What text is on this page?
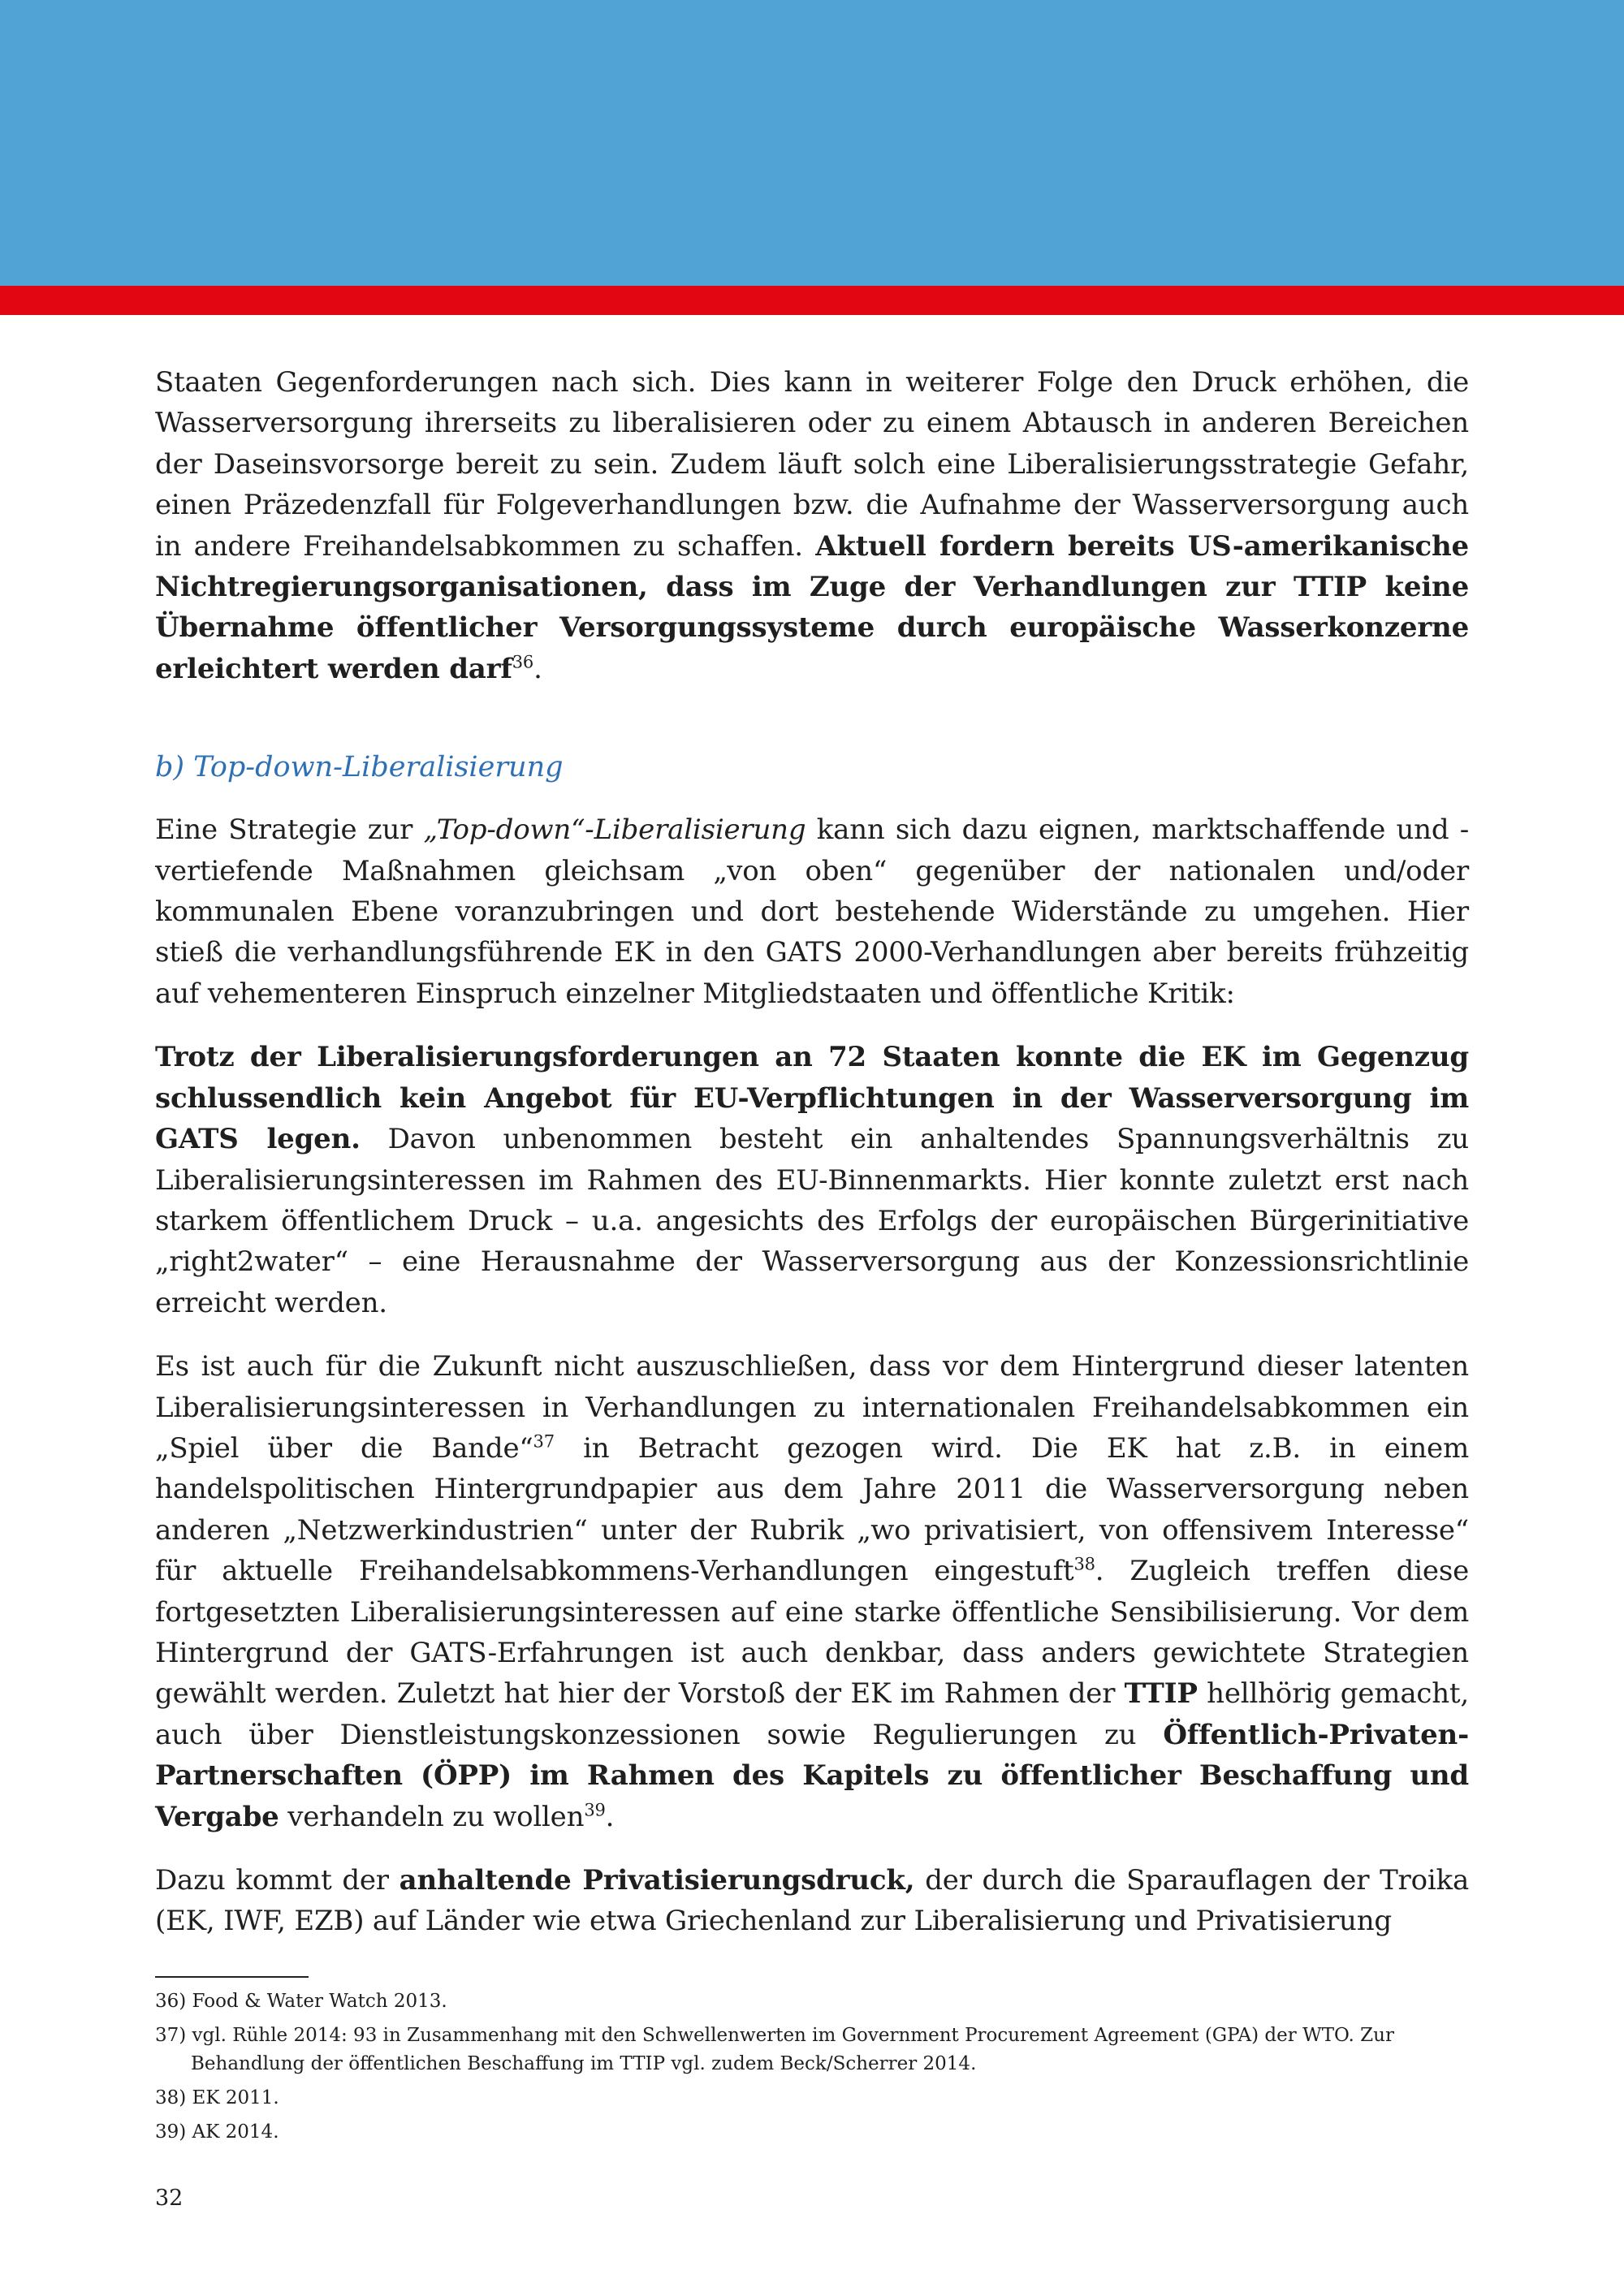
Staaten Gegenforderungen nach sich. Dies kann in weiterer Folge den Druck erhöhen, die Wasserversorgung ihrerseits zu liberalisieren oder zu einem Abtausch in anderen Bereichen der Daseinsvorsorge bereit zu sein. Zudem läuft solch eine Liberalisierungsstrategie Gefahr, einen Präzedenzfall für Folgeverhandlungen bzw. die Aufnahme der Wasserversorgung auch in andere Freihandelsabkommen zu schaffen. Aktuell fordern bereits US-amerikanische Nichtregierungsorganisationen, dass im Zuge der Verhandlungen zur TTIP keine Übernahme öffentlicher Versorgungssysteme durch europäische Wasserkonzerne erleichtert werden darf$^{36}$.

b) Top-down-Liberalisierung

Eine Strategie zur „Top-down“-Liberalisierung kann sich dazu eignen, marktschaffende und -vertiefende Maßnahmen gleichsam „von oben“ gegenüber der nationalen und/oder kommunalen Ebene voranzubringen und dort bestehende Widerstände zu umgehen. Hier stieß die verhandlungsführende EK in den GATS 2000-Verhandlungen aber bereits frühzeitig auf vehementeren Einspruch einzelner Mitgliedstaaten und öffentliche Kritik:

Trotz der Liberalisierungsforderungen an 72 Staaten konnte die EK im Gegenzug schlussendlich kein Angebot für EU-Verpflichtungen in der Wasserversorgung im GATS legen. Davon unbenommen besteht ein anhaltendes Spannungsverhältnis zu Liberalisierungsinteressen im Rahmen des EU-Binnenmarkts. Hier konnte zuletzt erst nach starkem öffentlichem Druck – u.a. angesichts des Erfolgs der europäischen Bürgerinitiative „right2water“ – eine Herausnahme der Wasserversorgung aus der Konzessionsrichtlinie erreicht werden.

Es ist auch für die Zukunft nicht auszuschließen, dass vor dem Hintergrund dieser latenten Liberalisierungsinteressen in Verhandlungen zu internationalen Freihandelsabkommen ein „Spiel über die Bande“$^{37}$ in Betracht gezogen wird. Die EK hat z.B. in einem handelspolitischen Hintergrundpapier aus dem Jahre 2011 die Wasserversorgung neben anderen „Netzwerkindustrien“ unter der Rubrik „wo privatisiert, von offensivem Interesse“ für aktuelle Freihandelsabkommens-Verhandlungen eingestuft$^{38}$. Zugleich treffen diese fortgesetzten Liberalisierungsinteressen auf eine starke öffentliche Sensibilisierung. Vor dem Hintergrund der GATS-Erfahrungen ist auch denkbar, dass anders gewichtete Strategien gewählt werden. Zuletzt hat hier der Vorstoß der EK im Rahmen der TTIP hellhörig gemacht, auch über Dienstleistungskonzessionen sowie Regulierungen zu Öffentlich-Privaten-Partnerschaften (ÖPP) im Rahmen des Kapitels zu öffentlicher Beschaffung und Vergabe verhandeln zu wollen$^{39}$.

Dazu kommt der anhaltende Privatisierungsdruck, der durch die Sparauflagen der Troika (EK, IWF, EZB) auf Länder wie etwa Griechenland zur Liberalisierung und Privatisierung

36) Food & Water Watch 2013.

37) vgl. Rühle 2014: 93 in Zusammenhang mit den Schwellenwerten im Government Procurement Agreement (GPA) der WTO. Zur Behandlung der öffentlichen Beschaffung im TTIP vgl. zudem Beck/Scherrer 2014.

38) EK 2011.

39) AK 2014.

32
